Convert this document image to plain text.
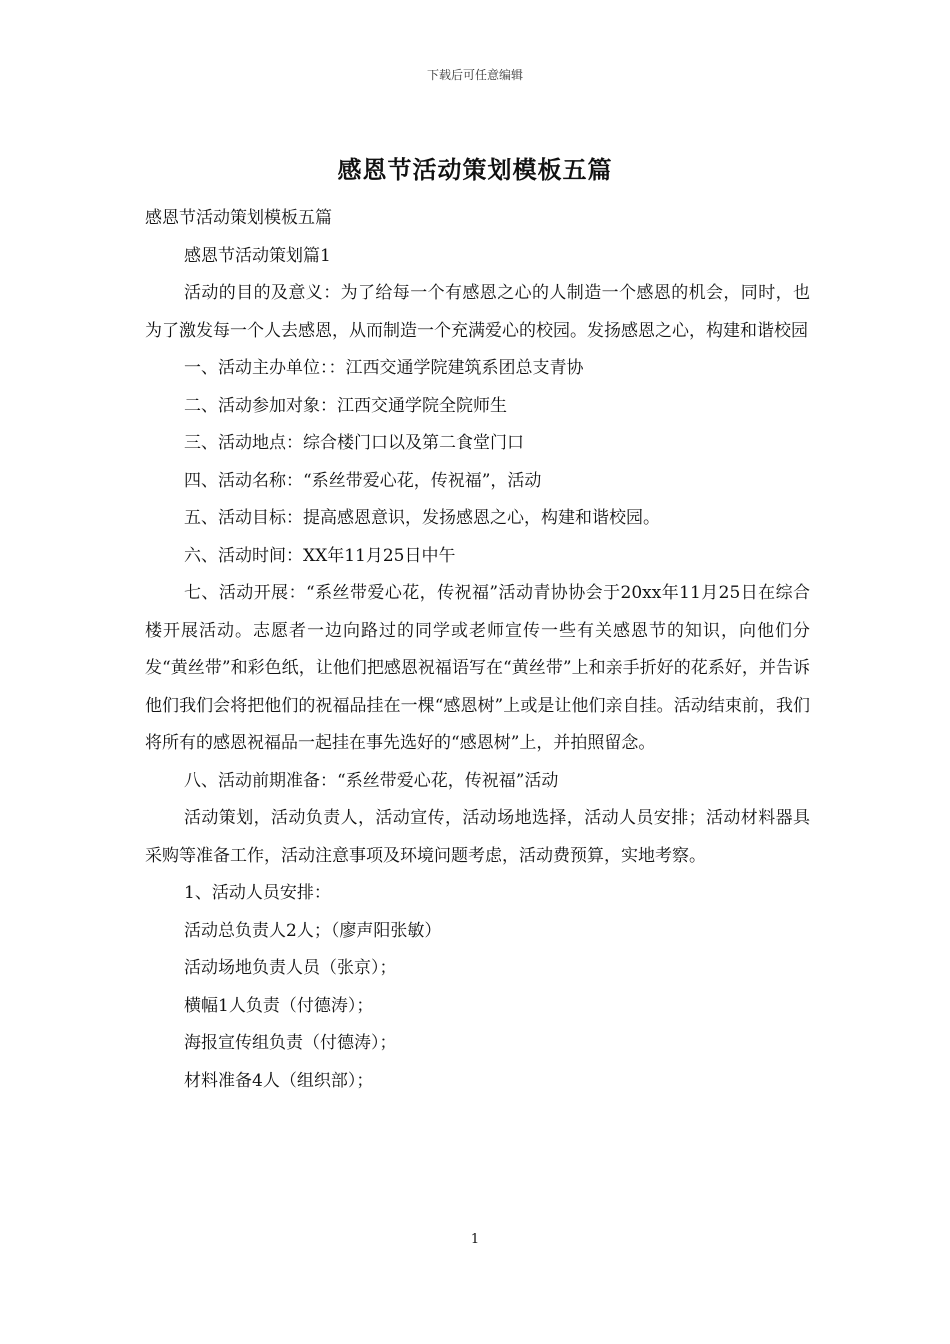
下载后可任意编辑
感恩节活动策划模板五篇

感恩节活动策划模板五篇

感恩节活动策划篇1

活动的目的及意义：为了给每一个有感恩之心的人制造一个感恩的机会，同时，也为了激发每一个人去感恩，从而制造一个充满爱心的校园。发扬感恩之心，构建和谐校园

一、活动主办单位：：江西交通学院建筑系团总支青协

二、活动参加对象：江西交通学院全院师生

三、活动地点：综合楼门口以及第二食堂门口

四、活动名称：“系丝带爱心花，传祝福”，活动

五、活动目标：提高感恩意识，发扬感恩之心，构建和谐校园。

六、活动时间：XX年11月25日中午

七、活动开展：“系丝带爱心花，传祝福”活动青协协会于20xx年11月25日在综合楼开展活动。志愿者一边向路过的同学或老师宣传一些有关感恩节的知识，向他们分发“黄丝带”和彩色纸，让他们把感恩祝福语写在“黄丝带”上和亲手折好的花系好，并告诉他们我们会将把他们的祝福品挂在一棵“感恩树”上或是让他们亲自挂。活动结束前，我们将所有的感恩祝福品一起挂在事先选好的“感恩树”上，并拍照留念。

八、活动前期准备：“系丝带爱心花，传祝福”活动

活动策划，活动负责人，活动宣传，活动场地选择，活动人员安排；活动材料器具采购等准备工作，活动注意事项及环境问题考虑，活动费预算，实地考察。

1、活动人员安排：

活动总负责人2人；（廖声阳张敏）

活动场地负责人员（张京）；

横幅1人负责（付德涛）；

海报宣传组负责（付德涛）；

材料准备4人（组织部）；

1
